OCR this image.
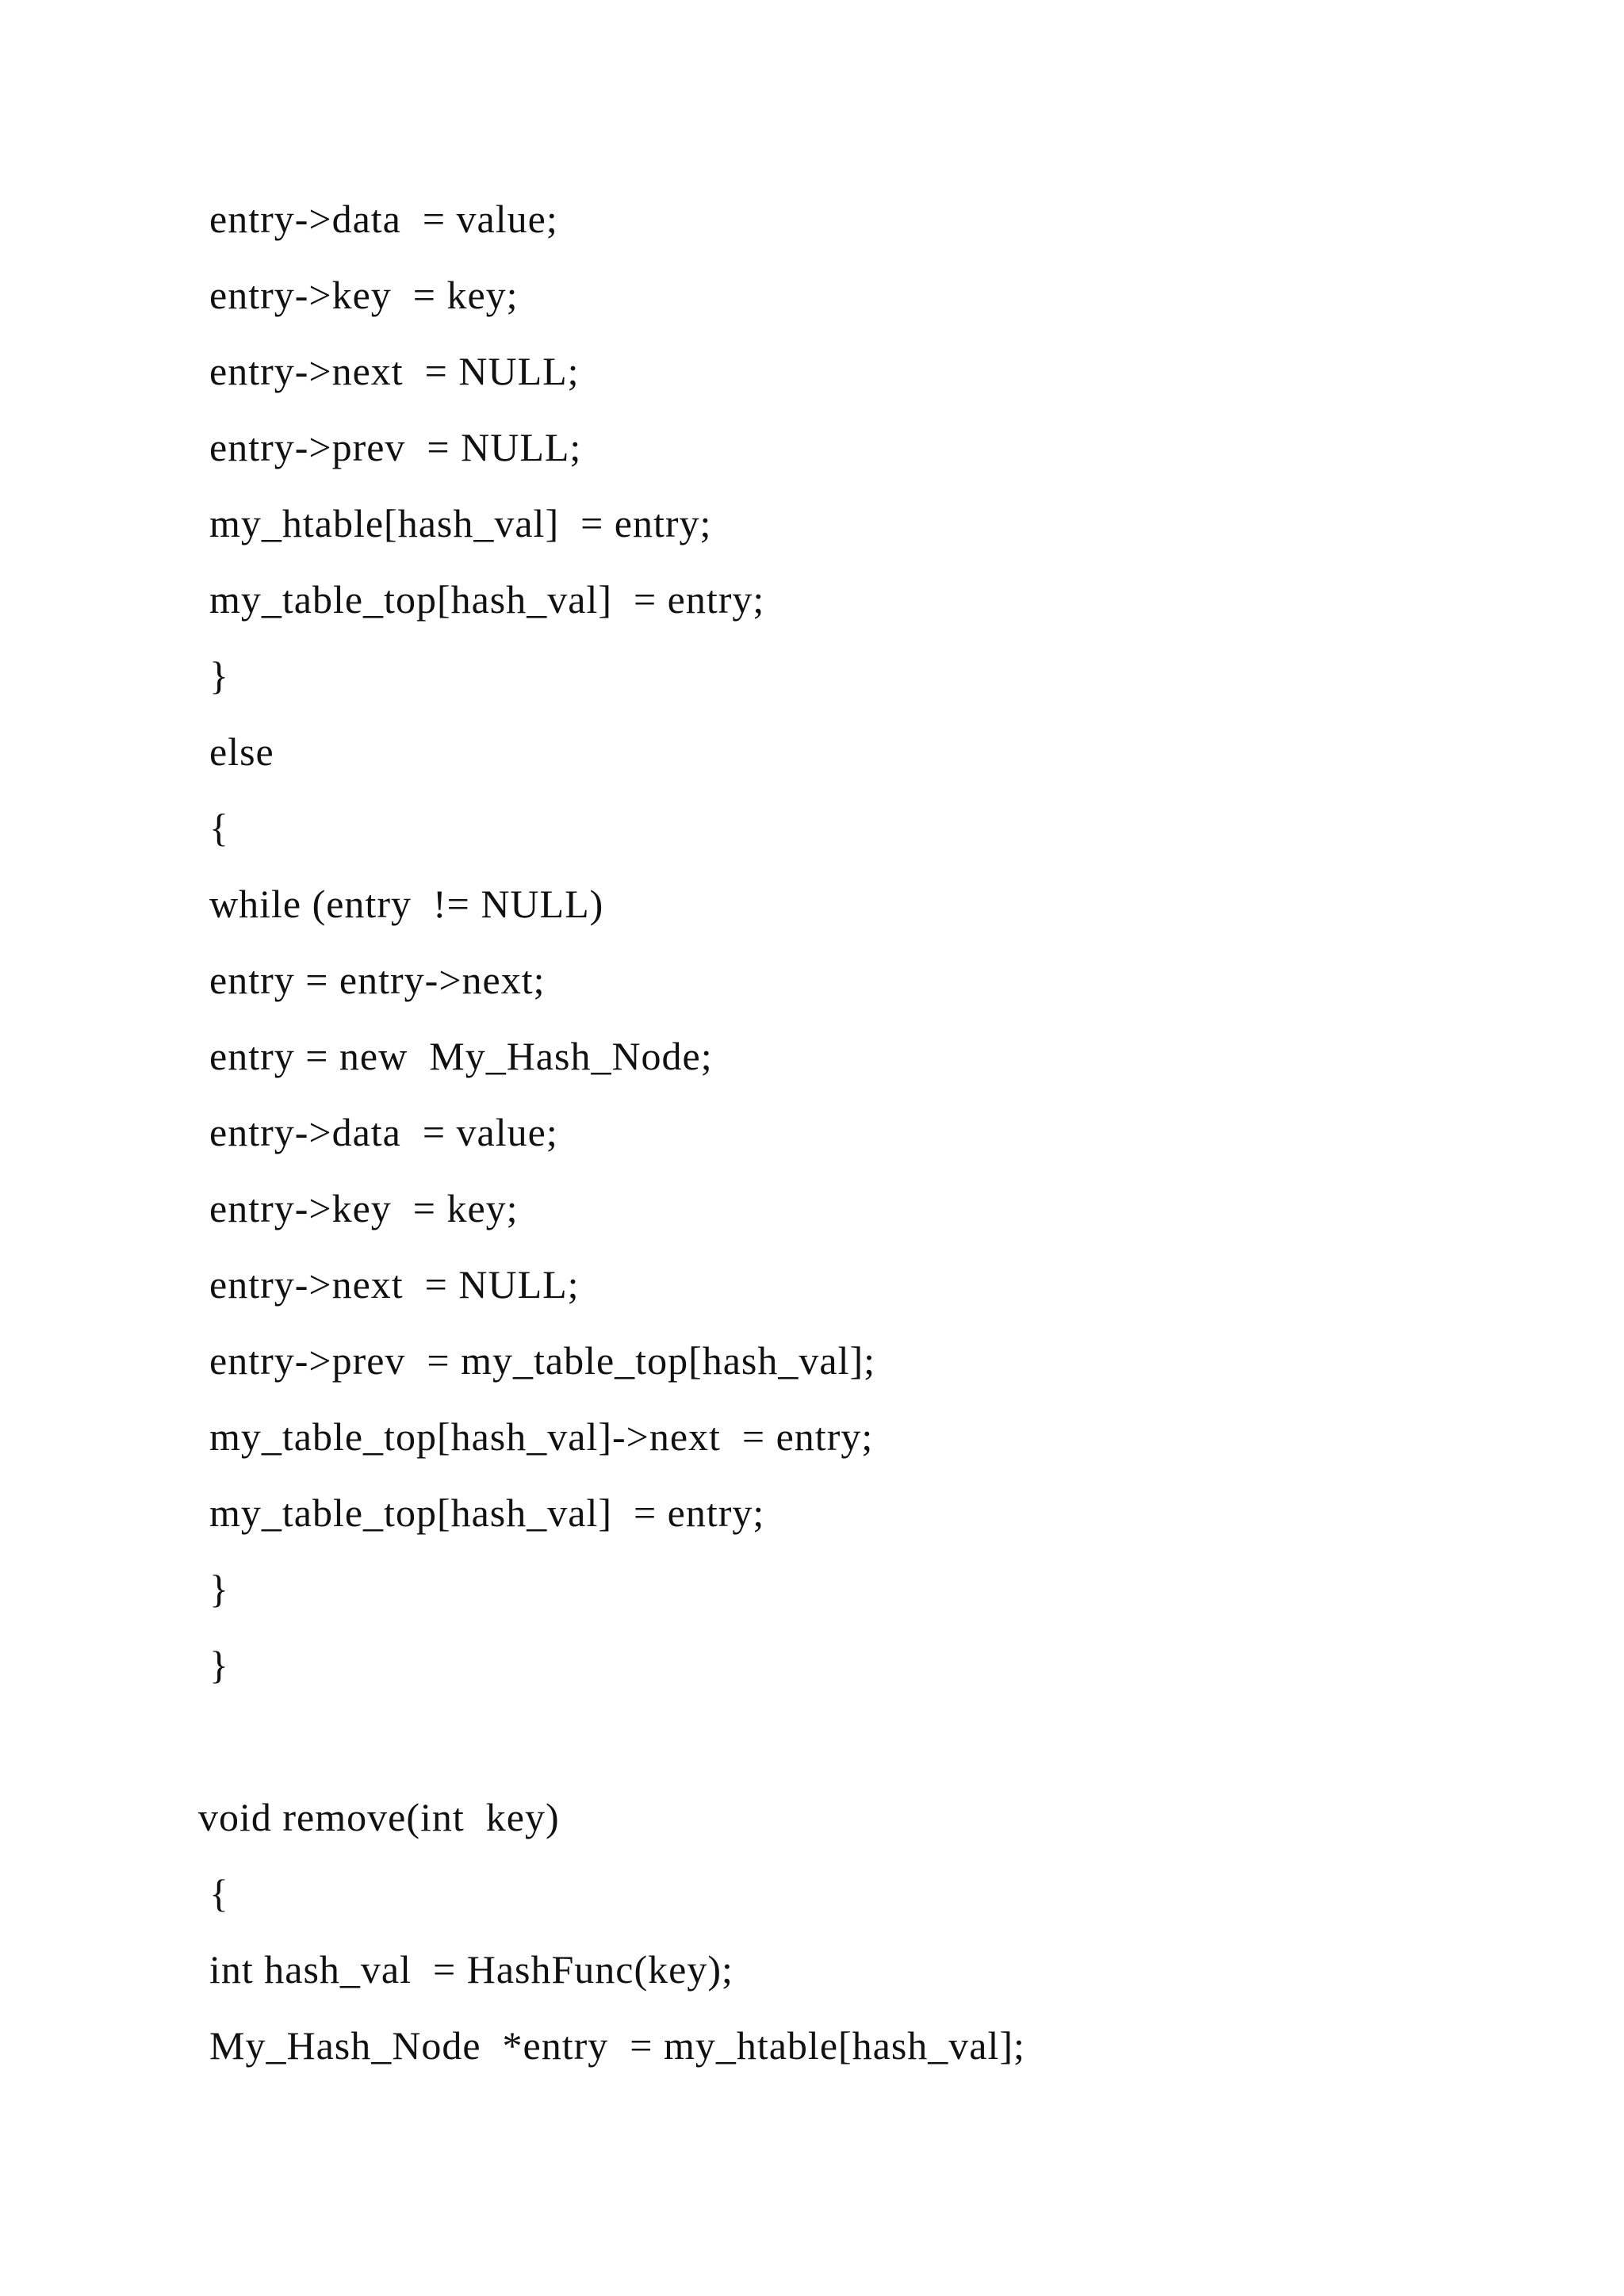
entry->data  = value;

entry->key  = key;

entry->next  = NULL;

entry->prev  = NULL;

my_htable[hash_val]  = entry;

my_table_top[hash_val]  = entry;

}

else

{

while (entry  != NULL)

entry = entry->next;

entry = new  My_Hash_Node;

entry->data  = value;

entry->key  = key;

entry->next  = NULL;

entry->prev  = my_table_top[hash_val];

my_table_top[hash_val]->next  = entry;

my_table_top[hash_val]  = entry;

}

}

void remove(int  key)

{

int hash_val  = HashFunc(key);

My_Hash_Node  *entry  = my_htable[hash_val];
